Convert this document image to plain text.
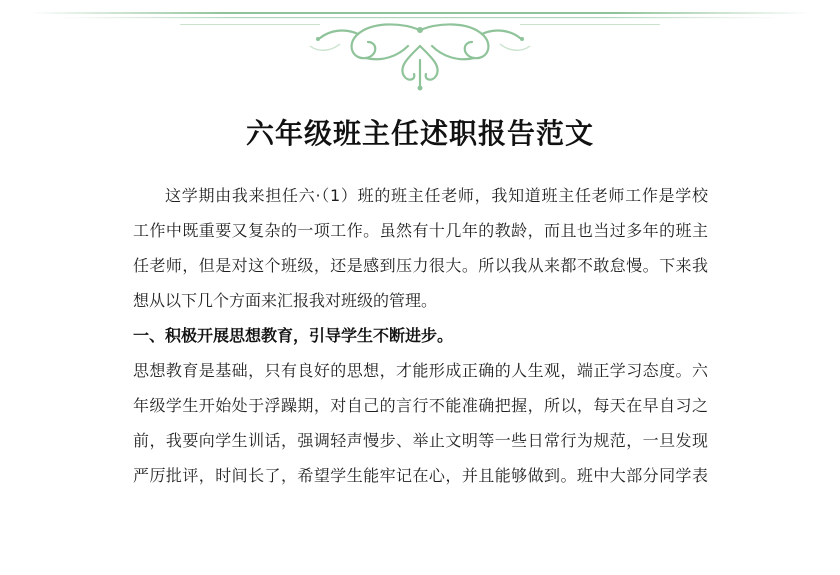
六年级班主任述职报告范文
这学期由我来担任六·（1）班的班主任老师，我知道班主任老师工作是学校
工作中既重要又复杂的一项工作。虽然有十几年的教龄，而且也当过多年的班主
任老师，但是对这个班级，还是感到压力很大。所以我从来都不敢怠慢。下来我
想从以下几个方面来汇报我对班级的管理。
一、积极开展思想教育，引导学生不断进步。
思想教育是基础，只有良好的思想，才能形成正确的人生观，端正学习态度。六
年级学生开始处于浮躁期，对自己的言行不能准确把握，所以，每天在早自习之
前，我要向学生训话，强调轻声慢步、举止文明等一些日常行为规范，一旦发现
严厉批评，时间长了，希望学生能牢记在心，并且能够做到。班中大部分同学表
